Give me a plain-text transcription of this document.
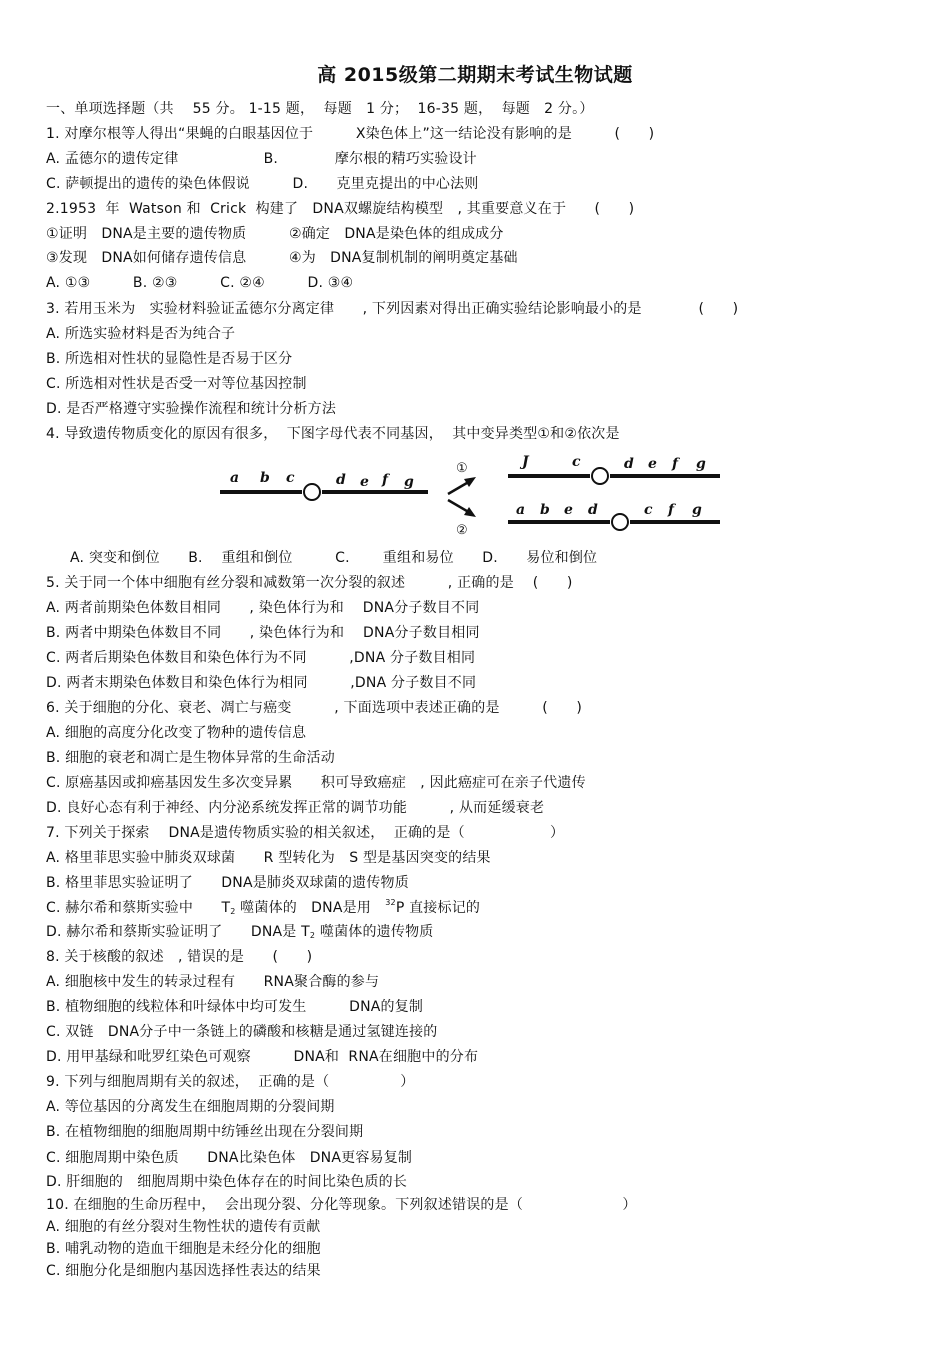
高 2015级第二期期末考试生物试题
一、单项选择题（共　 55 分。 1-15 题，  每题　1 分；  16-35 题，  每题　2 分。）
1. 对摩尔根等人得出“果蝇的白眼基因位于　　　X染色体上”这一结论没有影响的是　　　(　　)
A. 孟德尔的遗传定律　　　　　　B.　　　　摩尔根的精巧实验设计
C. 萨顿提出的遗传的染色体假说　　　D.　　克里克提出的中心法则
2.1953  年  Watson 和  Crick  构建了　DNA双螺旋结构模型　, 其重要意义在于　　(　　)
①证明　DNA是主要的遗传物质　　　②确定　DNA是染色体的组成成分
③发现　DNA如何储存遗传信息　　　④为　DNA复制机制的阐明奠定基础
A. ①③　　　B. ②③　　　C. ②④　　　D. ③④
3. 若用玉米为　实验材料验证孟德尔分离定律　　, 下列因素对得出正确实验结论影响最小的是　　　　(　　)
A. 所选实验材料是否为纯合子
B. 所选相对性状的显隐性是否易于区分
C. 所选相对性状是否受一对等位基因控制
D. 是否严格遵守实验操作流程和统计分析方法
4. 导致遗传物质变化的原因有很多，  下图字母代表不同基因，  其中变异类型①和②依次是
a b c	d e f g
①
②
J	c	d e f g
a b e d	c f g
A. 突变和倒位　　B.　 重组和倒位　　　C.　　 重组和易位　　D.　　易位和倒位
5. 关于同一个体中细胞有丝分裂和减数第一次分裂的叙述　　　, 正确的是　 (　　)
A. 两者前期染色体数目相同　　, 染色体行为和　 DNA分子数目不同
B. 两者中期染色体数目不同　　, 染色体行为和　 DNA分子数目相同
C. 两者后期染色体数目和染色体行为不同　　　,DNA 分子数目相同
D. 两者末期染色体数目和染色体行为相同　　　,DNA 分子数目不同
6. 关于细胞的分化、衰老、凋亡与癌变　　　, 下面选项中表述正确的是　　　(　　)
A. 细胞的高度分化改变了物种的遗传信息
B. 细胞的衰老和凋亡是生物体异常的生命活动
C. 原癌基因或抑癌基因发生多次变异累　　积可导致癌症　, 因此癌症可在亲子代遗传
D. 良好心态有利于神经、内分泌系统发挥正常的调节功能　　　, 从而延缓衰老
7. 下列关于探索　 DNA是遗传物质实验的相关叙述，  正确的是（　　　　　　）
A. 格里菲思实验中肺炎双球菌　　R 型转化为　S 型是基因突变的结果
B. 格里菲思实验证明了　　DNA是肺炎双球菌的遗传物质
C. 赫尔希和蔡斯实验中　　$T_2$ 噬菌体的　DNA是用　$^{32}$P 直接标记的
D. 赫尔希和蔡斯实验证明了　　DNA是 $T_2$ 噬菌体的遗传物质
8. 关于核酸的叙述　, 错误的是　　(　　)
A. 细胞核中发生的转录过程有　　RNA聚合酶的参与
B. 植物细胞的线粒体和叶绿体中均可发生　　　DNA的复制
C. 双链　DNA分子中一条链上的磷酸和核糖是通过氢键连接的
D. 用甲基绿和吡罗红染色可观察　　　DNA和  RNA在细胞中的分布
9. 下列与细胞周期有关的叙述，  正确的是（　　　　　）
A. 等位基因的分离发生在细胞周期的分裂间期
B. 在植物细胞的细胞周期中纺锤丝出现在分裂间期
C. 细胞周期中染色质　　DNA比染色体　DNA更容易复制
D. 肝细胞的　细胞周期中染色体存在的时间比染色质的长
10. 在细胞的生命历程中，  会出现分裂、分化等现象。下列叙述错误的是（　　　　　　　）
A. 细胞的有丝分裂对生物性状的遗传有贡献
B. 哺乳动物的造血干细胞是未经分化的细胞
C. 细胞分化是细胞内基因选择性表达的结果
